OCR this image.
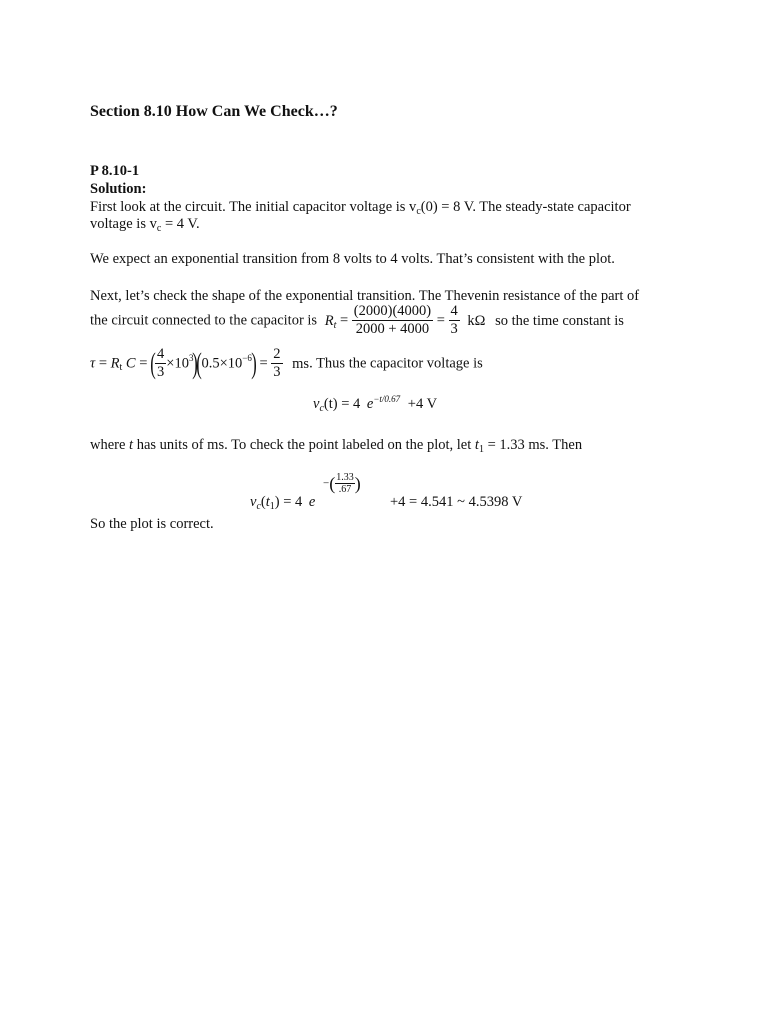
Section 8.10 How Can We Check…?
P 8.10-1
Solution:
First look at the circuit. The initial capacitor voltage is $v_c(0) = 8$ V. The steady-state capacitor
voltage is $v_c = 4$ V.
We expect an exponential transition from 8 volts to 4 volts. That’s consistent with the plot.
Next, let’s check the shape of the exponential transition. The Thevenin resistance of the part of
the circuit connected to the capacitor is $R_t = \frac{(2000)(4000)}{2000 + 4000} = \frac{4}{3}$ kΩ so the time constant is
$\tau = R_t$ C = ( $\frac{4}{3} \times 10^3)(0.5\times 10^{-6}) = \frac{2}{3}$ ms. Thus the capacitor voltage is
$v_c(t) = 4$ $e^{-t/0.67} +4$ V
where t has units of ms. To check the point labeled on the plot, let $t_1 = 1.33$ ms. Then
$v_c(t_1) = 4$ e
−( $\frac{1.33}{.67}$ )
+4 = 4.541 ~ 4.5398 V
So the plot is correct.
